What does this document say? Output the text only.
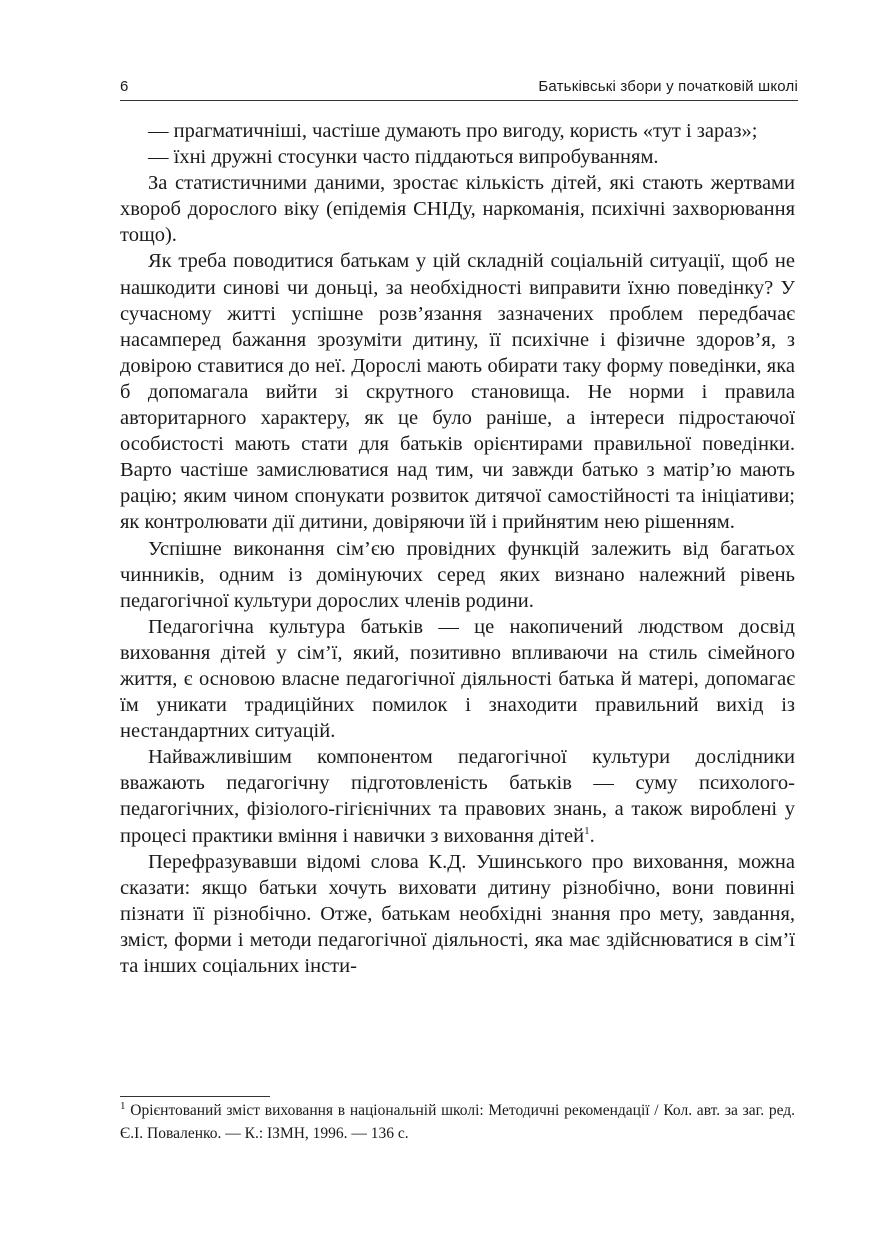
6	Батьківські збори у початковій школі

— прагматичніші, частіше думають про вигоду, користь «тут і зараз»;

— їхні дружні стосунки часто піддаються випробуванням.

За статистичними даними, зростає кількість дітей, які стають жертвами хвороб дорослого віку (епідемія СНІДу, наркоманія, психічні захворювання тощо).

Як треба поводитися батькам у цій складній соціальній ситуації, щоб не нашкодити синові чи доньці, за необхідності виправити їхню поведінку? У сучасному житті успішне розв’язання зазначених проблем передбачає насамперед бажання зрозуміти дитину, її психічне і фізичне здоров’я, з довірою ставитися до неї. Дорослі мають обирати таку форму поведінки, яка б допомагала вийти зі скрутного становища. Не норми і правила авторитарного характеру, як це було раніше, а інтереси підростаючої особистості мають стати для батьків орієнтирами правильної поведінки. Варто частіше замислюватися над тим, чи завжди батько з матір’ю мають рацію; яким чином спонукати розвиток дитячої самостійності та ініціативи; як контролювати дії дитини, довіряючи їй і прийнятим нею рішенням.

Успішне виконання сім’єю провідних функцій залежить від багатьох чинників, одним із домінуючих серед яких визнано належний рівень педагогічної культури дорослих членів родини.

Педагогічна культура батьків — це накопичений людством досвід виховання дітей у сім’ї, який, позитивно впливаючи на стиль сімейного життя, є основою власне педагогічної діяльності батька й матері, допомагає їм уникати традиційних помилок і знаходити правильний вихід із нестандартних ситуацій.

Найважливішим компонентом педагогічної культури дослідники вважають педагогічну підготовленість батьків — суму психолого-педагогічних, фізіолого-гігієнічних та правових знань, а також вироблені у процесі практики вміння і навички з виховання дітей$^1$.

Перефразувавши відомі слова К.Д. Ушинського про виховання, можна сказати: якщо батьки хочуть виховати дитину різнобічно, вони повинні пізнати її різнобічно. Отже, батькам необхідні знання про мету, завдання, зміст, форми і методи педагогічної діяльності, яка має здійснюватися в сім’ї та інших соціальних інсти-

$^1$ Орієнтований зміст виховання в національній школі: Методичні рекомендації / Кол. авт. за заг. ред. Є.І. Поваленко. — К.: ІЗМН, 1996. — 136 с.
